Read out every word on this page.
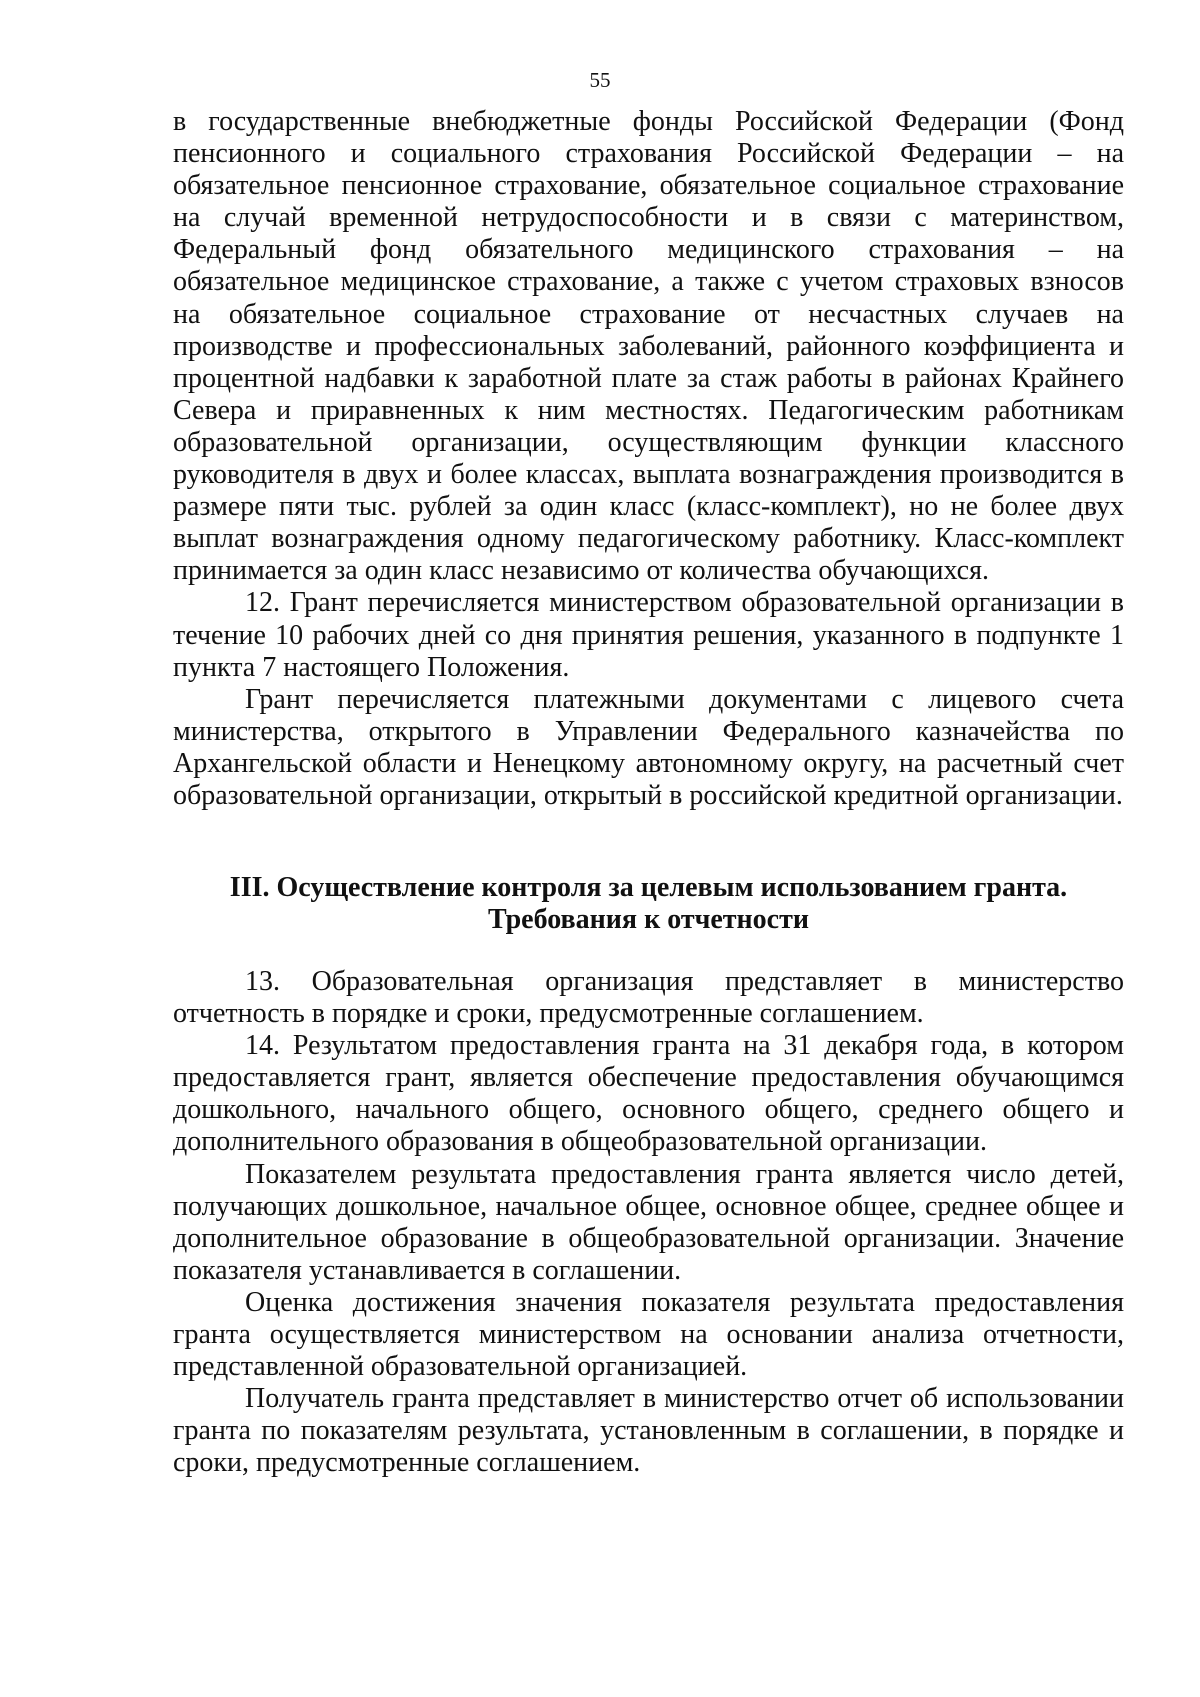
55

в государственные внебюджетные фонды Российской Федерации (Фонд пенсионного и социального страхования Российской Федерации – на обязательное пенсионное страхование, обязательное социальное страхование на случай временной нетрудоспособности и в связи с материнством, Федеральный фонд обязательного медицинского страхования – на обязательное медицинское страхование, а также с учетом страховых взносов на обязательное социальное страхование от несчастных случаев на производстве и профессиональных заболеваний, районного коэффициента и процентной надбавки к заработной плате за стаж работы в районах Крайнего Севера и приравненных к ним местностях. Педагогическим работникам образовательной организации, осуществляющим функции классного руководителя в двух и более классах, выплата вознаграждения производится в размере пяти тыс. рублей за один класс (класс-комплект), но не более двух выплат вознаграждения одному педагогическому работнику. Класс-комплект принимается за один класс независимо от количества обучающихся.

12. Грант перечисляется министерством образовательной организации в течение 10 рабочих дней со дня принятия решения, указанного в подпункте 1 пункта 7 настоящего Положения.

Грант перечисляется платежными документами с лицевого счета министерства, открытого в Управлении Федерального казначейства по Архангельской области и Ненецкому автономному округу, на расчетный счет образовательной организации, открытый в российской кредитной организации.

III. Осуществление контроля за целевым использованием гранта.
Требования к отчетности

13. Образовательная организация представляет в министерство отчетность в порядке и сроки, предусмотренные соглашением.

14. Результатом предоставления гранта на 31 декабря года, в котором предоставляется грант, является обеспечение предоставления обучающимся дошкольного, начального общего, основного общего, среднего общего и дополнительного образования в общеобразовательной организации.

Показателем результата предоставления гранта является число детей, получающих дошкольное, начальное общее, основное общее, среднее общее и дополнительное образование в общеобразовательной организации. Значение показателя устанавливается в соглашении.

Оценка достижения значения показателя результата предоставления гранта осуществляется министерством на основании анализа отчетности, представленной образовательной организацией.

Получатель гранта представляет в министерство отчет об использовании гранта по показателям результата, установленным в соглашении, в порядке и сроки, предусмотренные соглашением.
